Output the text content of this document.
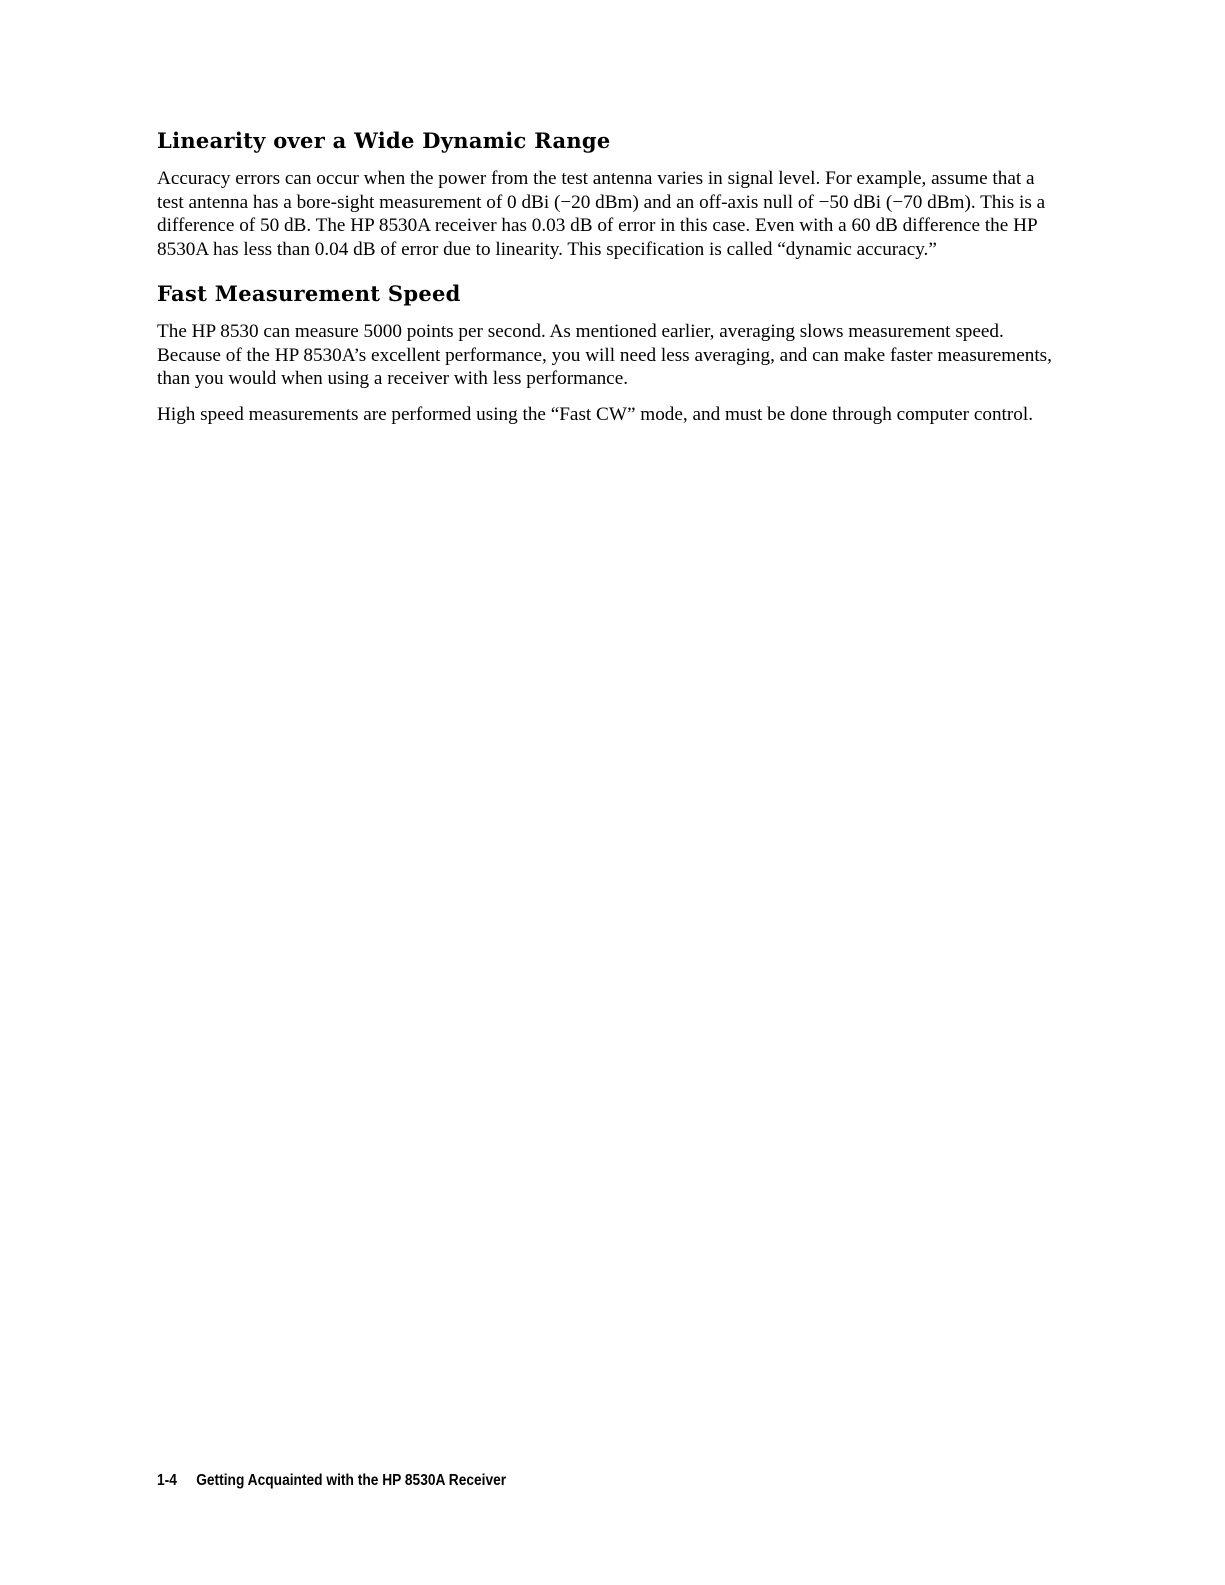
Linearity over a Wide Dynamic Range

Accuracy errors can occur when the power from the test antenna varies in signal level. For example, assume that a test antenna has a bore-sight measurement of 0 dBi (−20 dBm) and an off-axis null of −50 dBi (−70 dBm). This is a difference of 50 dB. The HP 8530A receiver has 0.03 dB of error in this case. Even with a 60 dB difference the HP 8530A has less than 0.04 dB of error due to linearity. This specification is called “dynamic accuracy.”

Fast Measurement Speed

The HP 8530 can measure 5000 points per second. As mentioned earlier, averaging slows measurement speed. Because of the HP 8530A’s excellent performance, you will need less averaging, and can make faster measurements, than you would when using a receiver with less performance.

High speed measurements are performed using the “Fast CW” mode, and must be done through computer control.

1-4 Getting Acquainted with the HP 8530A Receiver
